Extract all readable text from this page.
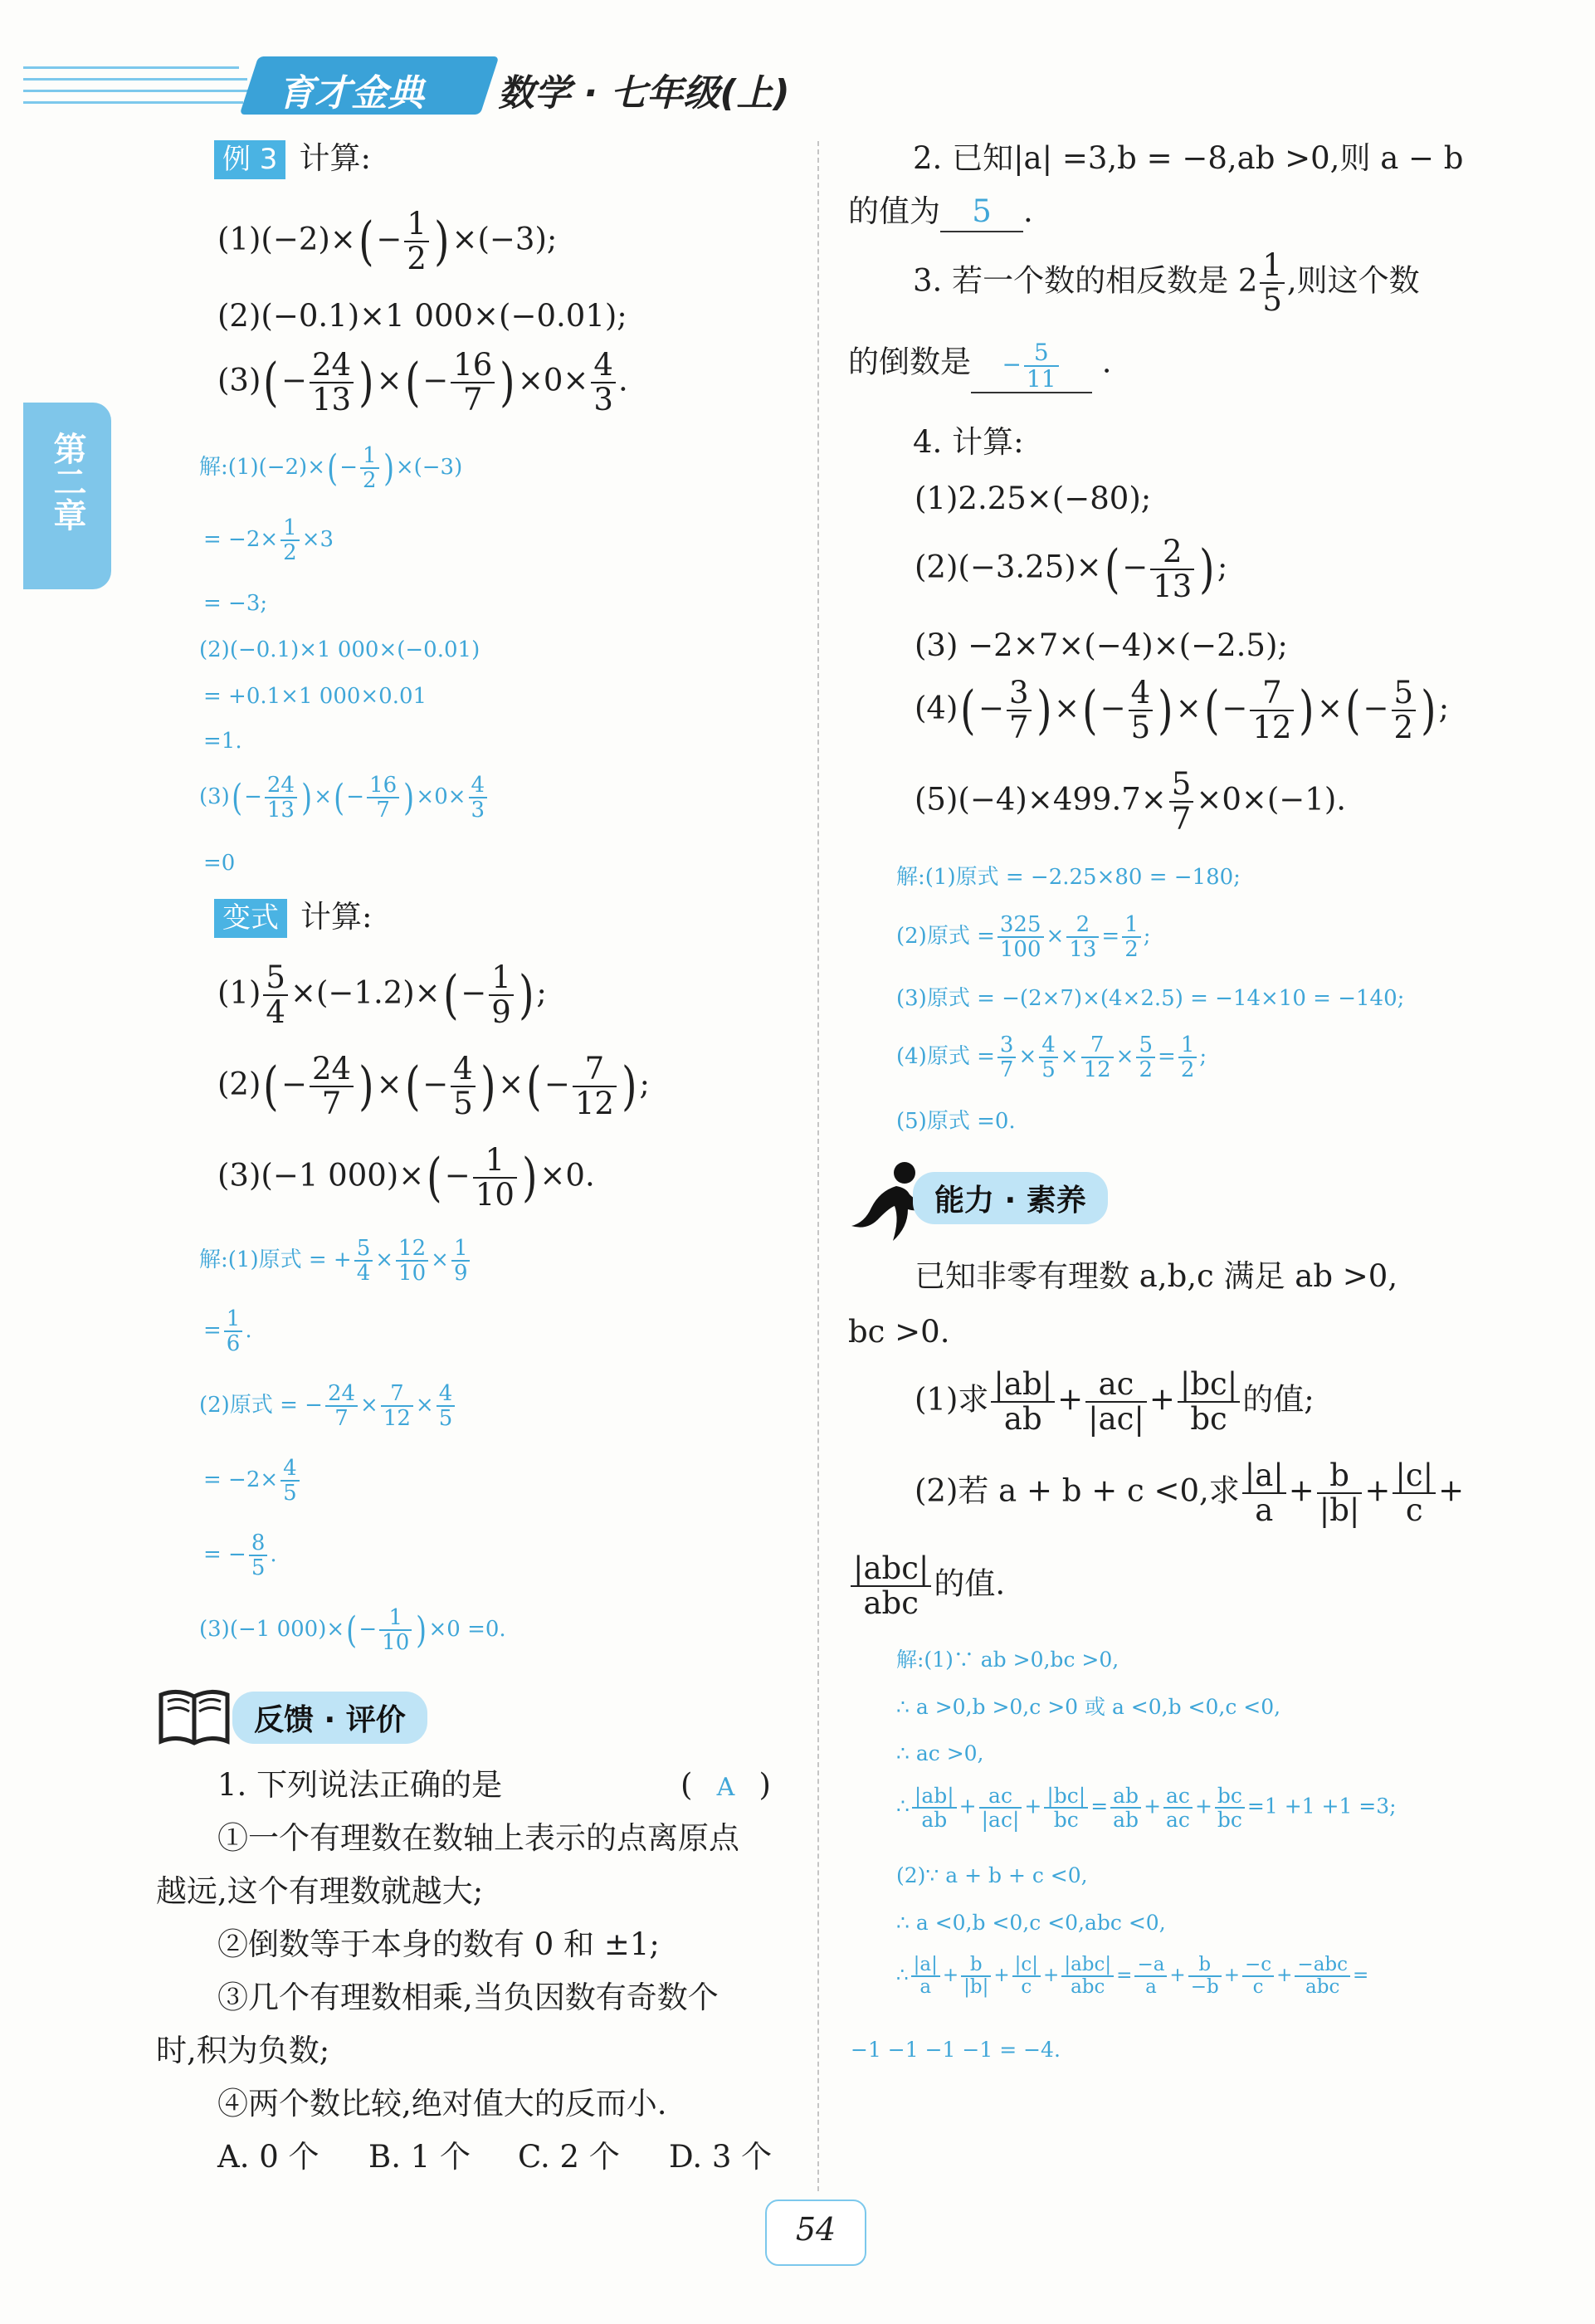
育才金典 数学 · 七年级(上)
第二章
例 3 计算:
$(1)(-2)\times(- \frac{1}{2} )\times(-3)$;
(2)(−0.1)×1 000×(−0.01);
$(3)(- \frac{24}{13}$ )×(− $\frac{16}{7} )\times 0\times \frac{4}{3}$ .
解:(1)(−2)×(− $\frac{1}{2} )\times(-3)$
= $-2\times \frac{1}{2} \times 3$
= −3;
(2)(−0.1)×1 000×(−0.01)
= +0.1×1 000×0.01
=1.
$(3)(- \frac{24}{13}$ )×(− $\frac{16}{7} )\times 0\times \frac{4}{3}$
=0
变式 计算:
$(1) \frac{5}{4} \times(-1.2)\times(- \frac{1}{9}$ );
$(2)(- \frac{24}{7}$ )×(− $\frac{4}{5}$ )×(− $\frac{7}{12}$ );
(3)(−1 $000)\times(- \frac{1}{10} )\times 0$.
解:(1)原式 = + $\frac{5}{4} \times \frac{12}{10} \times \frac{1}{9}$
= $\frac{1}{6}$ .
(2)原式 = − $\frac{24}{7} \times \frac{7}{12} \times \frac{4}{5}$
= $-2\times \frac{4}{5}$
= − $\frac{8}{5}$ .
(3)(−1 $000)\times(- \frac{1}{10} )\times 0 =0$.
反馈 · 评价
1. 下列说法正确的是	( A )
①一个有理数在数轴上表示的点离原点
越远,这个有理数就越大;
②倒数等于本身的数有 0 和 ±1;
③几个有理数相乘,当负因数有奇数个
时,积为负数;
④两个数比较,绝对值大的反而小.
A. 0 个 B. 1 个 C. 2 个 D. 3 个
2. 已知|a| =3,b = −8,ab >0,则 a − b
的值为 5 .
3. 若一个数的相反数是 $2 \frac{1}{5}$ ,则这个数
的倒数是 − $\frac{5}{11}$ .
4. 计算:
(1)2.25×(−80);
$(2)(-3.25)\times(- \frac{2}{13}$ );
(3) −2×7×(−4)×(−2.5);
$(4)(- \frac{3}{7}$ )×(− $\frac{4}{5}$ )×(− $\frac{7}{12}$ )×(− $\frac{5}{2}$ );
$(5)(-4)\times 499.7\times \frac{5}{7} \times 0\times(-1)$.
解:(1)原式 = −2.25×80 = −180;
(2)原式 = $\frac{325}{100} \times \frac{2}{13} = \frac{1}{2}$ ;
(3)原式 = −(2×7)×(4×2.5) = −14×10 = −140;
(4)原式 = $\frac{3}{7} \times \frac{4}{5} \times \frac{7}{12} \times \frac{5}{2} = \frac{1}{2}$ ;
(5)原式 =0.
能力 · 素养
已知非零有理数 a,b,c 满足 ab >0,
bc >0.
(1)求 $\frac{|ab|}{ab} + \frac{ac}{|ac|} + \frac{|bc|}{bc}$ 的值;
(2)若 a + b + c <0,求 $\frac{|a|}{a} + \frac{b}{|b|} + \frac{|c|}{c}$ +
$\frac{\text{|abc|}}{\text{abc}}$ 的值.
解:(1)∵ ab >0,bc >0,
∴ a >0,b >0,c >0 或 a <0,b <0,c <0,
∴ ac >0,
∴ $\frac{|ab|}{ab} + \frac{ac}{|ac|} + \frac{|bc|}{bc} = \frac{ab}{ab} + \frac{ac}{ac} + \frac{bc}{bc} =1 +1 +1 =3$;
(2)∵ a + b + c <0,
∴ a <0,b <0,c <0,abc <0,
∴ $\frac{|a|}{a} + \frac{b}{|b|} + \frac{|c|}{c} + \frac{\text{|abc|}}{\text{abc}} = \frac{-a}{a} + \frac{b}{-b} + \frac{-c}{c} + \frac{\text{−abc}}{\text{abc}}$ =
−1 −1 −1 −1 = −4.
54
